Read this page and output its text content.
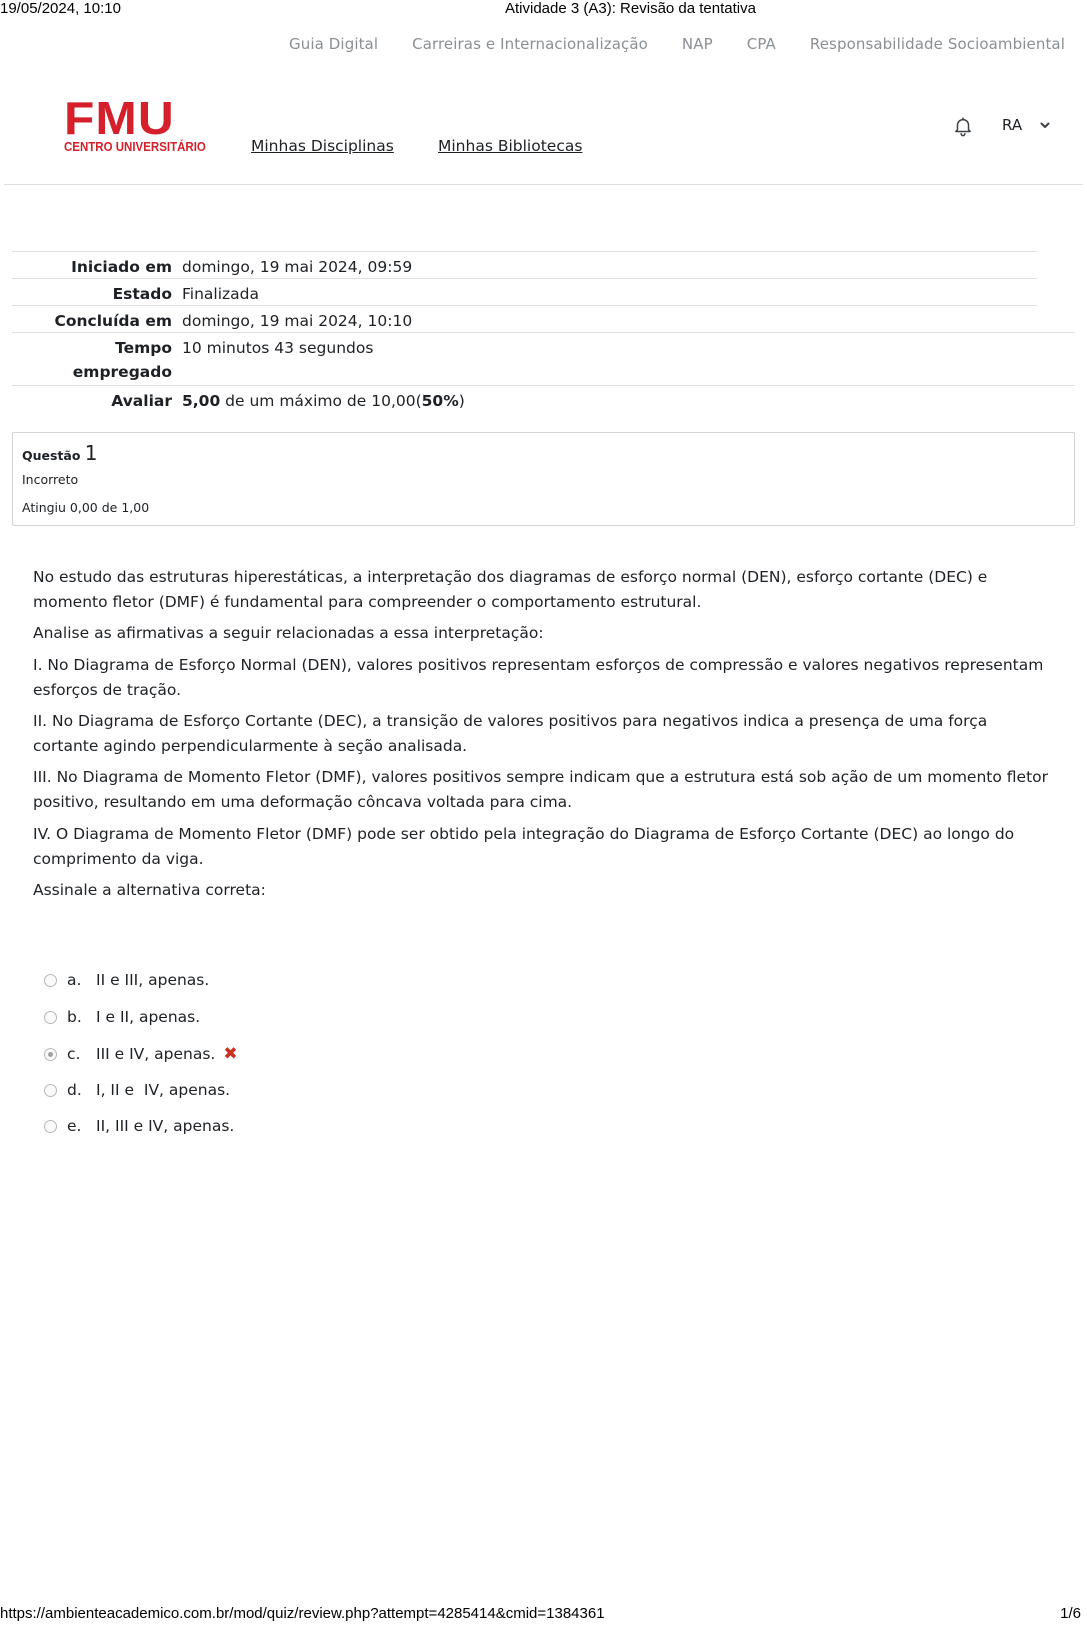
19/05/2024, 10:10	Atividade 3 (A3): Revisão da tentativa
Guia Digital Carreiras e Internacionalização NAP CPA Responsabilidade Socioambiental
FMU
CENTRO UNIVERSITÁRIO	Minhas Disciplinas	Minhas Bibliotecas
RA
Iniciado em domingo, 19 mai 2024, 09:59
Estado Finalizada
Concluída em domingo, 19 mai 2024, 10:10
Tempo
empregado
10 minutos 43 segundos
Avaliar 5,00 de um máximo de 10,00(50%)
Questão 1
Incorreto
Atingiu 0,00 de 1,00

No estudo das estruturas hiperestáticas, a interpretação dos diagramas de esforço normal (DEN), esforço cortante (DEC) e momento fletor (DMF) é fundamental para compreender o comportamento estrutural.

Analise as afirmativas a seguir relacionadas a essa interpretação:

I. No Diagrama de Esforço Normal (DEN), valores positivos representam esforços de compressão e valores negativos representam esforços de tração.

II. No Diagrama de Esforço Cortante (DEC), a transição de valores positivos para negativos indica a presença de uma força cortante agindo perpendicularmente à seção analisada.

III. No Diagrama de Momento Fletor (DMF), valores positivos sempre indicam que a estrutura está sob ação de um momento fletor positivo, resultando em uma deformação côncava voltada para cima.

IV. O Diagrama de Momento Fletor (DMF) pode ser obtido pela integração do Diagrama de Esforço Cortante (DEC) ao longo do comprimento da viga.

Assinale a alternativa correta:

a. II e III, apenas.
b. I e II, apenas.
c.	III e IV, apenas. ✖
d. I, II e  IV, apenas.
e. II, III e IV, apenas.
https://ambienteacademico.com.br/mod/quiz/review.php?attempt=4285414&cmid=1384361	1/6
